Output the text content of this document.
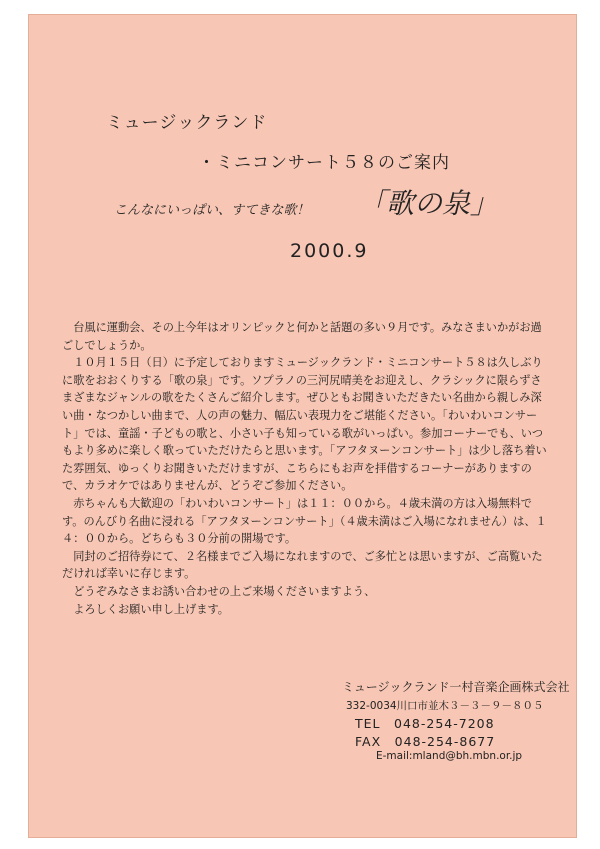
ミュージックランド
・ミニコンサート５８のご案内
こんなにいっぱい、すてきな歌！ 「歌の泉」
2000.9

台風に運動会、その上今年はオリンピックと何かと話題の多い９月です。みなさまいかがお過ごしでしょうか。

１０月１５日（日）に予定しておりますミュージックランド・ミニコンサート５８は久しぶりに歌をおおくりする「歌の泉」です。ソプラノの三河尻晴美をお迎えし、クラシックに限らずさまざまなジャンルの歌をたくさんご紹介します。ぜひともお聞きいただきたい名曲から親しみ深い曲・なつかしい曲まで、人の声の魅力、幅広い表現力をご堪能ください。「わいわいコンサート」では、童謡・子どもの歌と、小さい子も知っている歌がいっぱい。参加コーナーでも、いつもより多めに楽しく歌っていただけたらと思います。「アフタヌーンコンサート」は少し落ち着いた雰囲気、ゆっくりお聞きいただけますが、こちらにもお声を拝借するコーナーがありますので、カラオケではありませんが、どうぞご参加ください。

赤ちゃんも大歓迎の「わいわいコンサート」は１１：００から。４歳未満の方は入場無料です。のんびり名曲に浸れる「アフタヌーンコンサート」（４歳未満はご入場になれません）は、１４：００から。どちらも３０分前の開場です。

同封のご招待券にて、２名様までご入場になれますので、ご多忙とは思いますが、ご高覧いただければ幸いに存じます。

どうぞみなさまお誘い合わせの上ご来場くださいますよう、

よろしくお願い申し上げます。

ミュージックランド一村音楽企画株式会社
332-0034川口市並木３－３－９－８０５
TEL　048-254-7208
FAX　048-254-8677
E-mail:mland@bh.mbn.or.jp
